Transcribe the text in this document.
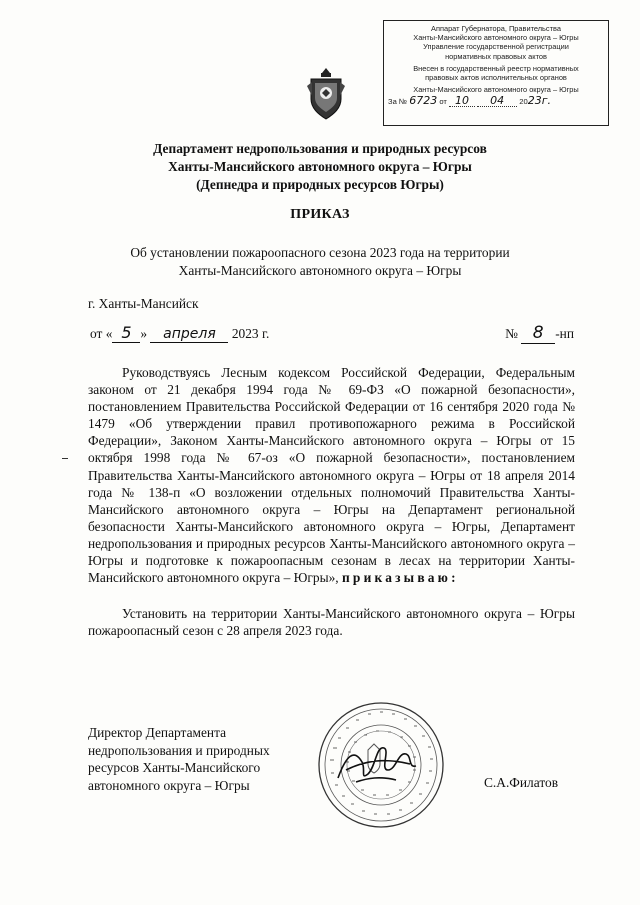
Аппарат Губернатора, Правительства
Ханты-Мансийского автономного округа – Югры
Управление государственной регистрации
нормативных правовых актов
Внесен в государственный реестр нормативных
правовых актов исполнительных органов
Ханты-Мансийского автономного округа – Югры
За № 6723 от 10 04 2023г.
Департамент недропользования и природных ресурсов
Ханты-Мансийского автономного округа – Югры
(Депнедра и природных ресурсов Югры)
ПРИКАЗ
Об установлении пожароопасного сезона 2023 года на территории
Ханты-Мансийского автономного округа – Югры
г. Ханты-Мансийск
от « 5 » апреля 2023 г.	№ 8 -нп

Руководствуясь Лесным кодексом Российской Федерации, Федеральным законом от 21 декабря 1994 года № 69-ФЗ «О пожарной безопасности», постановлением Правительства Российской Федерации от 16 сентября 2020 года № 1479 «Об утверждении правил противопожарного режима в Российской Федерации», Законом Ханты-Мансийского автономного округа – Югры от 15 октября 1998 года № 67-оз «О пожарной безопасности», постановлением Правительства Ханты-Мансийского автономного округа – Югры от 18 апреля 2014 года № 138-п «О возложении отдельных полномочий Правительства Ханты-Мансийского автономного округа – Югры на Департамент региональной безопасности Ханты-Мансийского автономного округа – Югры, Департамент недропользования и природных ресурсов Ханты-Мансийского автономного округа – Югры и подготовке к пожароопасным сезонам в лесах на территории Ханты-Мансийского автономного округа – Югры», приказываю:

Установить на территории Ханты-Мансийского автономного округа – Югры пожароопасный сезон с 28 апреля 2023 года.

Директор Департамента
недропользования и природных
ресурсов Ханты-Мансийского
автономного округа – Югры	С.А.Филатов
